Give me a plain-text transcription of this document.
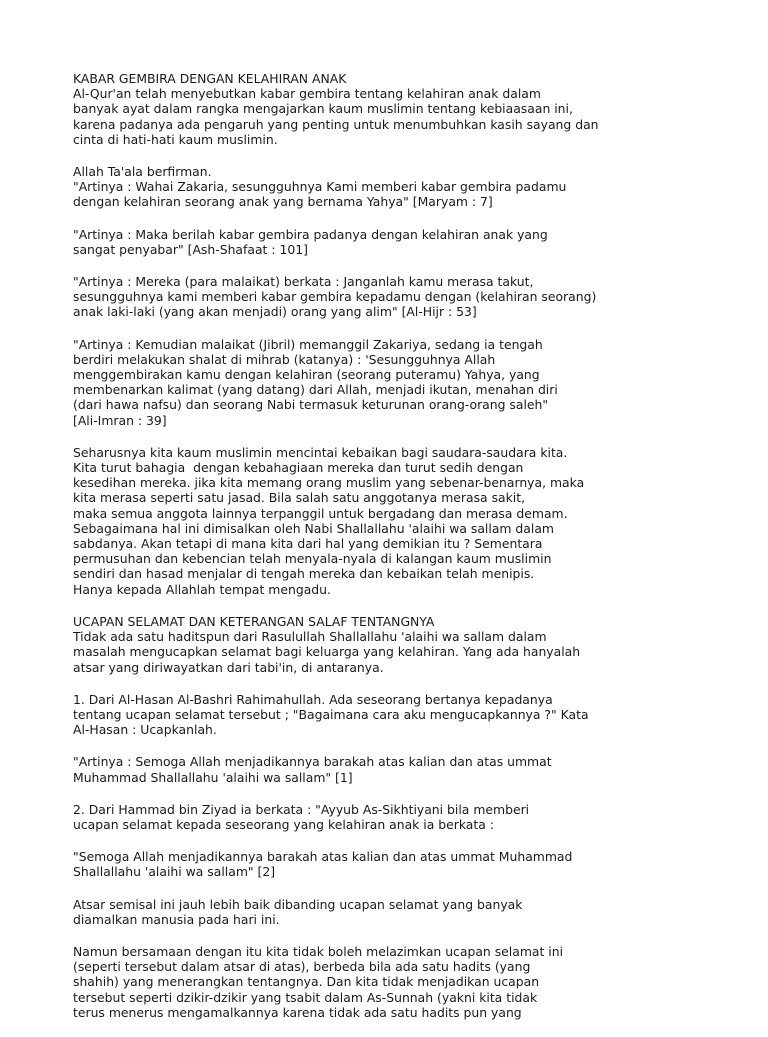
KABAR GEMBIRA DENGAN KELAHIRAN ANAK
Al-Qur'an telah menyebutkan kabar gembira tentang kelahiran anak dalam
banyak ayat dalam rangka mengajarkan kaum muslimin tentang kebiaasaan ini,
karena padanya ada pengaruh yang penting untuk menumbuhkan kasih sayang dan
cinta di hati-hati kaum muslimin.
Allah Ta'ala berfirman.
"Artinya : Wahai Zakaria, sesungguhnya Kami memberi kabar gembira padamu
dengan kelahiran seorang anak yang bernama Yahya" [Maryam : 7]
"Artinya : Maka berilah kabar gembira padanya dengan kelahiran anak yang
sangat penyabar" [Ash-Shafaat : 101]
"Artinya : Mereka (para malaikat) berkata : Janganlah kamu merasa takut,
sesungguhnya kami memberi kabar gembira kepadamu dengan (kelahiran seorang)
anak laki-laki (yang akan menjadi) orang yang alim" [Al-Hijr : 53]
"Artinya : Kemudian malaikat (Jibril) memanggil Zakariya, sedang ia tengah
berdiri melakukan shalat di mihrab (katanya) : 'Sesungguhnya Allah
menggembirakan kamu dengan kelahiran (seorang puteramu) Yahya, yang
membenarkan kalimat (yang datang) dari Allah, menjadi ikutan, menahan diri
(dari hawa nafsu) dan seorang Nabi termasuk keturunan orang-orang saleh"
[Ali-Imran : 39]
Seharusnya kita kaum muslimin mencintai kebaikan bagi saudara-saudara kita.
Kita turut bahagia  dengan kebahagiaan mereka dan turut sedih dengan
kesedihan mereka. jika kita memang orang muslim yang sebenar-benarnya, maka
kita merasa seperti satu jasad. Bila salah satu anggotanya merasa sakit,
maka semua anggota lainnya terpanggil untuk bergadang dan merasa demam.
Sebagaimana hal ini dimisalkan oleh Nabi Shallallahu 'alaihi wa sallam dalam
sabdanya. Akan tetapi di mana kita dari hal yang demikian itu ? Sementara
permusuhan dan kebencian telah menyala-nyala di kalangan kaum muslimin
sendiri dan hasad menjalar di tengah mereka dan kebaikan telah menipis.
Hanya kepada Allahlah tempat mengadu.
UCAPAN SELAMAT DAN KETERANGAN SALAF TENTANGNYA
Tidak ada satu haditspun dari Rasulullah Shallallahu 'alaihi wa sallam dalam
masalah mengucapkan selamat bagi keluarga yang kelahiran. Yang ada hanyalah
atsar yang diriwayatkan dari tabi'in, di antaranya.
1. Dari Al-Hasan Al-Bashri Rahimahullah. Ada seseorang bertanya kepadanya
tentang ucapan selamat tersebut ; "Bagaimana cara aku mengucapkannya ?" Kata
Al-Hasan : Ucapkanlah.
"Artinya : Semoga Allah menjadikannya barakah atas kalian dan atas ummat
Muhammad Shallallahu 'alaihi wa sallam" [1]
2. Dari Hammad bin Ziyad ia berkata : "Ayyub As-Sikhtiyani bila memberi
ucapan selamat kepada seseorang yang kelahiran anak ia berkata :
"Semoga Allah menjadikannya barakah atas kalian dan atas ummat Muhammad
Shallallahu 'alaihi wa sallam" [2]
Atsar semisal ini jauh lebih baik dibanding ucapan selamat yang banyak
diamalkan manusia pada hari ini.
Namun bersamaan dengan itu kita tidak boleh melazimkan ucapan selamat ini
(seperti tersebut dalam atsar di atas), berbeda bila ada satu hadits (yang
shahih) yang menerangkan tentangnya. Dan kita tidak menjadikan ucapan
tersebut seperti dzikir-dzikir yang tsabit dalam As-Sunnah (yakni kita tidak
terus menerus mengamalkannya karena tidak ada satu hadits pun yang
